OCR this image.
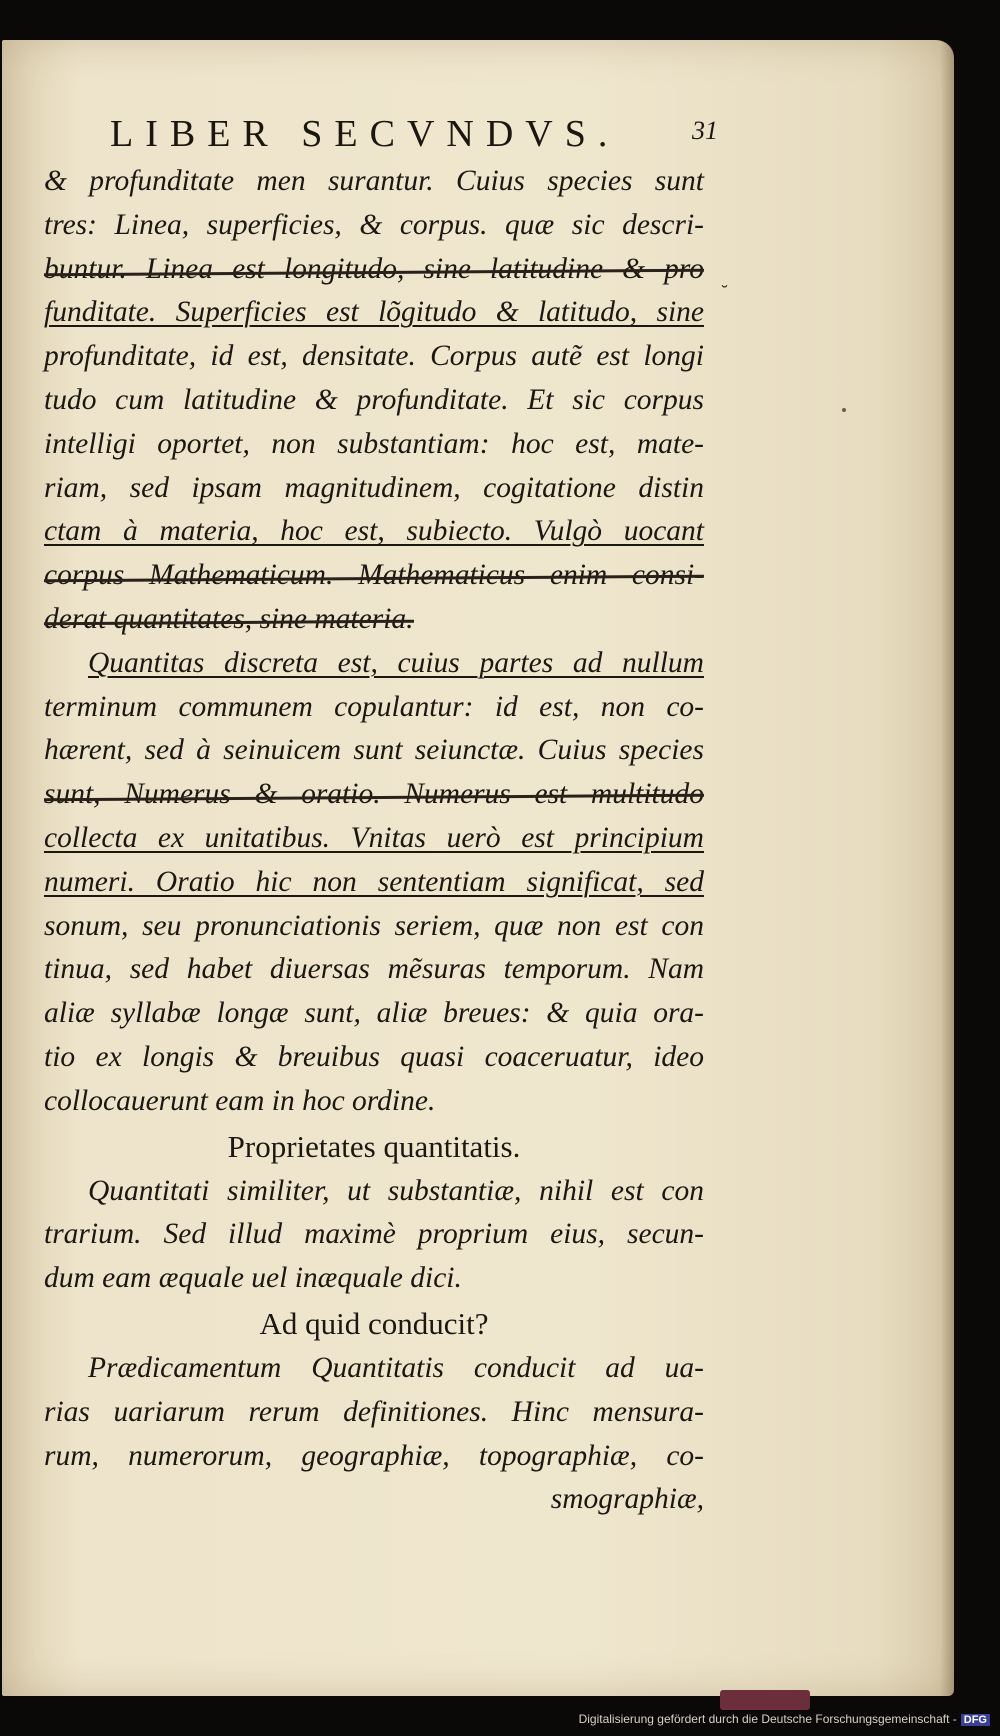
LIBER SECVNDVS.	31
& profunditate men surantur. Cuius species sunt
tres: Linea, superficies, & corpus. quæ sic descri-
buntur. Linea est longitudo, sine latitudine & pro
funditate. Superficies est lõgitudo & latitudo, sine
profunditate, id est, densitate. Corpus autẽ est longi
tudo cum latitudine & profunditate. Et sic corpus
intelligi oportet, non substantiam: hoc est, mate-
riam, sed ipsam magnitudinem, cogitatione distin
ctam à materia, hoc est, subiecto. Vulgò uocant
corpus Mathematicum. Mathematicus enim consi-
derat quantitates, sine materia.
Quantitas discreta est, cuius partes ad nullum
terminum communem copulantur: id est, non co-
hærent, sed à seinuicem sunt seiunctæ. Cuius species
sunt, Numerus & oratio. Numerus est multitudo
collecta ex unitatibus. Vnitas uerò est principium
numeri. Oratio hic non sententiam significat, sed
sonum, seu pronunciationis seriem, quæ non est con
tinua, sed habet diuersas mẽsuras temporum. Nam
aliæ syllabæ longæ sunt, aliæ breues: & quia ora-
tio ex longis & breuibus quasi coaceruatur, ideo
collocauerunt eam in hoc ordine.
Proprietates quantitatis.
Quantitati similiter, ut substantiæ, nihil est con
trarium. Sed illud maximè proprium eius, secun-
dum eam æquale uel inæquale dici.
Ad quid conducit?
Prædicamentum Quantitatis conducit ad ua-
rias uariarum rerum definitiones. Hinc mensura-
rum, numerorum, geographiæ, topographiæ, co-
smographiæ,
Digitalisierung gefördert durch die Deutsche Forschungsgemeinschaft - DFG
